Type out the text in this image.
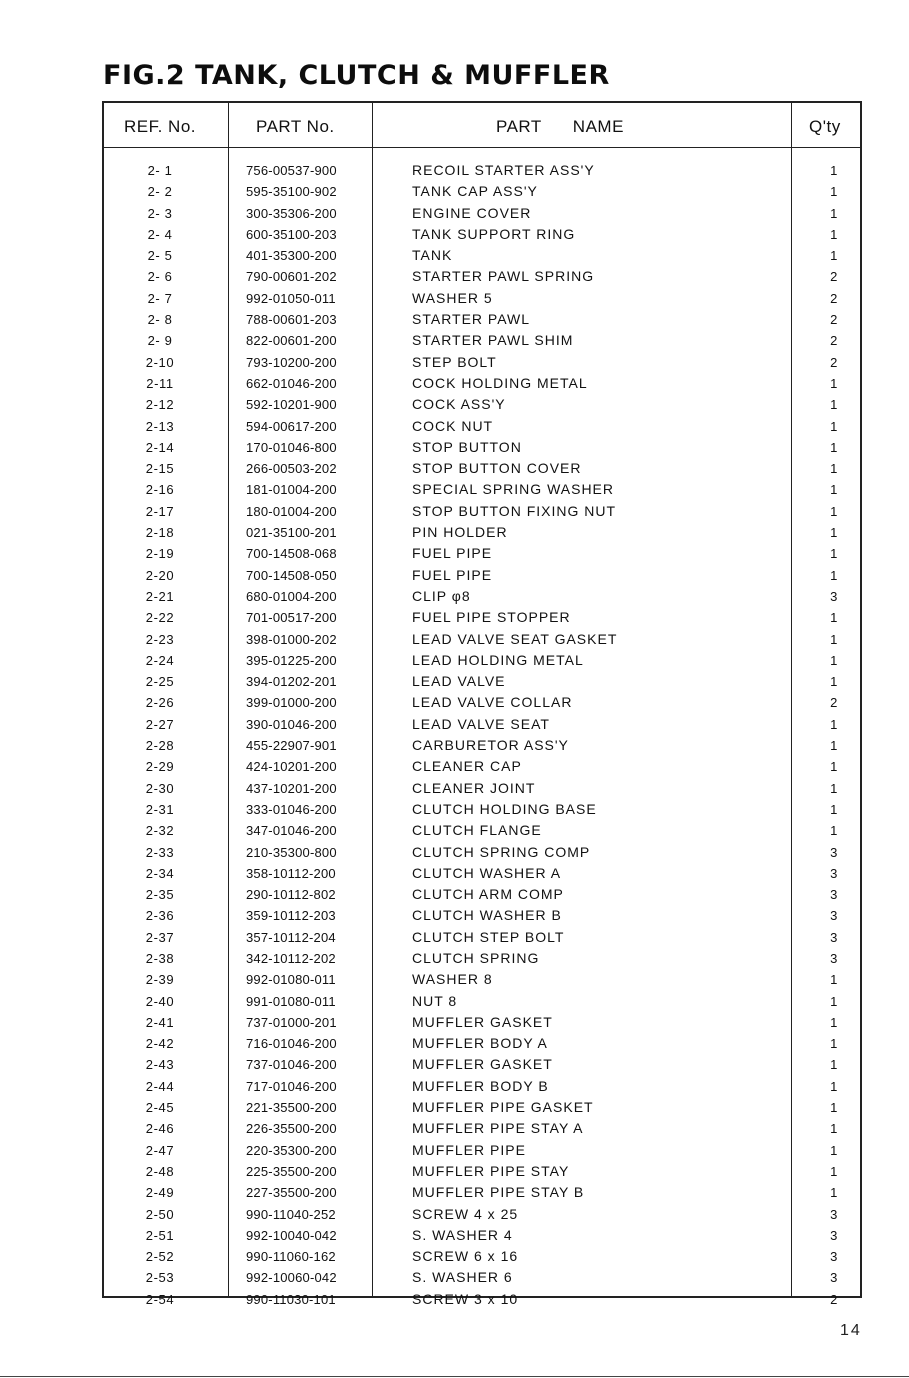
FIG.2 TANK, CLUTCH & MUFFLER
REF. No.	PART No.	PART      NAME	Q'ty
2- 1	756-00537-900	RECOIL STARTER ASS'Y	1
2- 2	595-35100-902	TANK CAP ASS'Y	1
2- 3	300-35306-200	ENGINE COVER	1
2- 4	600-35100-203	TANK SUPPORT RING	1
2- 5	401-35300-200	TANK	1
2- 6	790-00601-202	STARTER PAWL SPRING	2
2- 7	992-01050-011	WASHER 5	2
2- 8	788-00601-203	STARTER PAWL	2
2- 9	822-00601-200	STARTER PAWL SHIM	2
2-10	793-10200-200	STEP BOLT	2
2-11	662-01046-200	COCK HOLDING METAL	1
2-12	592-10201-900	COCK ASS'Y	1
2-13	594-00617-200	COCK NUT	1
2-14	170-01046-800	STOP BUTTON	1
2-15	266-00503-202	STOP BUTTON COVER	1
2-16	181-01004-200	SPECIAL SPRING WASHER	1
2-17	180-01004-200	STOP BUTTON FIXING NUT	1
2-18	021-35100-201	PIN HOLDER	1
2-19	700-14508-068	FUEL PIPE	1
2-20	700-14508-050	FUEL PIPE	1
2-21	680-01004-200	CLIP φ8	3
2-22	701-00517-200	FUEL PIPE STOPPER	1
2-23	398-01000-202	LEAD VALVE SEAT GASKET	1
2-24	395-01225-200	LEAD HOLDING METAL	1
2-25	394-01202-201	LEAD VALVE	1
2-26	399-01000-200	LEAD VALVE COLLAR	2
2-27	390-01046-200	LEAD VALVE SEAT	1
2-28	455-22907-901	CARBURETOR ASS'Y	1
2-29	424-10201-200	CLEANER CAP	1
2-30	437-10201-200	CLEANER JOINT	1
2-31	333-01046-200	CLUTCH HOLDING BASE	1
2-32	347-01046-200	CLUTCH FLANGE	1
2-33	210-35300-800	CLUTCH SPRING COMP	3
2-34	358-10112-200	CLUTCH WASHER A	3
2-35	290-10112-802	CLUTCH ARM COMP	3
2-36	359-10112-203	CLUTCH WASHER B	3
2-37	357-10112-204	CLUTCH STEP BOLT	3
2-38	342-10112-202	CLUTCH SPRING	3
2-39	992-01080-011	WASHER 8	1
2-40	991-01080-011	NUT 8	1
2-41	737-01000-201	MUFFLER GASKET	1
2-42	716-01046-200	MUFFLER BODY A	1
2-43	737-01046-200	MUFFLER GASKET	1
2-44	717-01046-200	MUFFLER BODY B	1
2-45	221-35500-200	MUFFLER PIPE GASKET	1
2-46	226-35500-200	MUFFLER PIPE STAY A	1
2-47	220-35300-200	MUFFLER PIPE	1
2-48	225-35500-200	MUFFLER PIPE STAY	1
2-49	227-35500-200	MUFFLER PIPE STAY B	1
2-50	990-11040-252	SCREW 4 x 25	3
2-51	992-10040-042	S. WASHER 4	3
2-52	990-11060-162	SCREW 6 x 16	3
2-53	992-10060-042	S. WASHER 6	3
2-54	990-11030-101	SCREW 3 x 10	2
14
